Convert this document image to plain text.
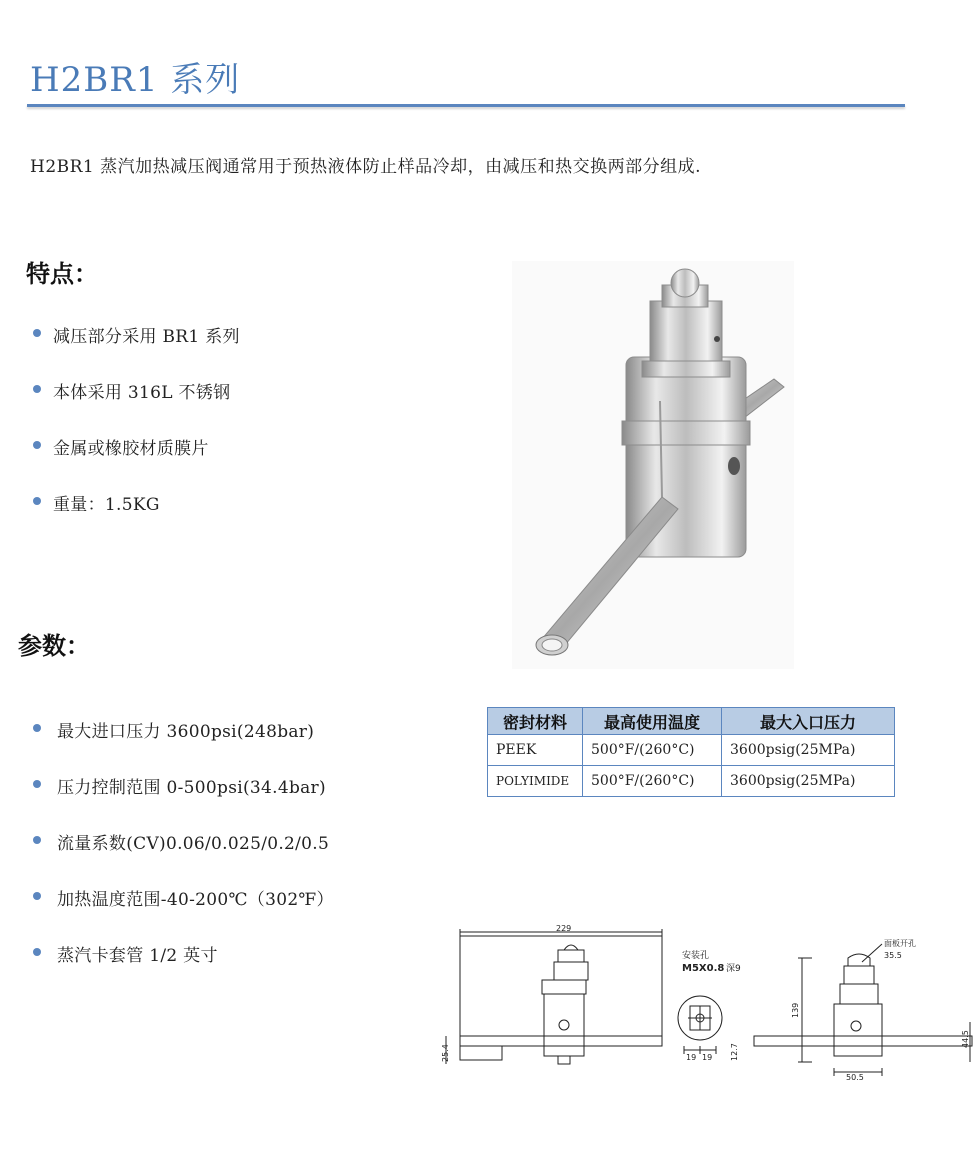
H2BR1 系列
H2BR1 蒸汽加热减压阀通常用于预热液体防止样品冷却，由减压和热交换两部分组成.
特点：
减压部分采用 BR1 系列
本体采用 316L 不锈钢
金属或橡胶材质膜片
重量：1.5KG
参数：
最大进口压力 3600psi(248bar)
压力控制范围 0-500psi(34.4bar)
流量系数(CV)0.06/0.025/0.2/0.5
加热温度范围-40-200℃（302℉）
蒸汽卡套管 1/2 英寸
密封材料	最高使用温度	最大入口压力
PEEK	500°F/(260°C)	3600psig(25MPa)
POLYIMIDE	500°F/(260°C)	3600psig(25MPa)
229
25.4
安装孔
M5X0.8 深9
19 19
面板开孔
35.5
139
12.7
50.5
44.5
